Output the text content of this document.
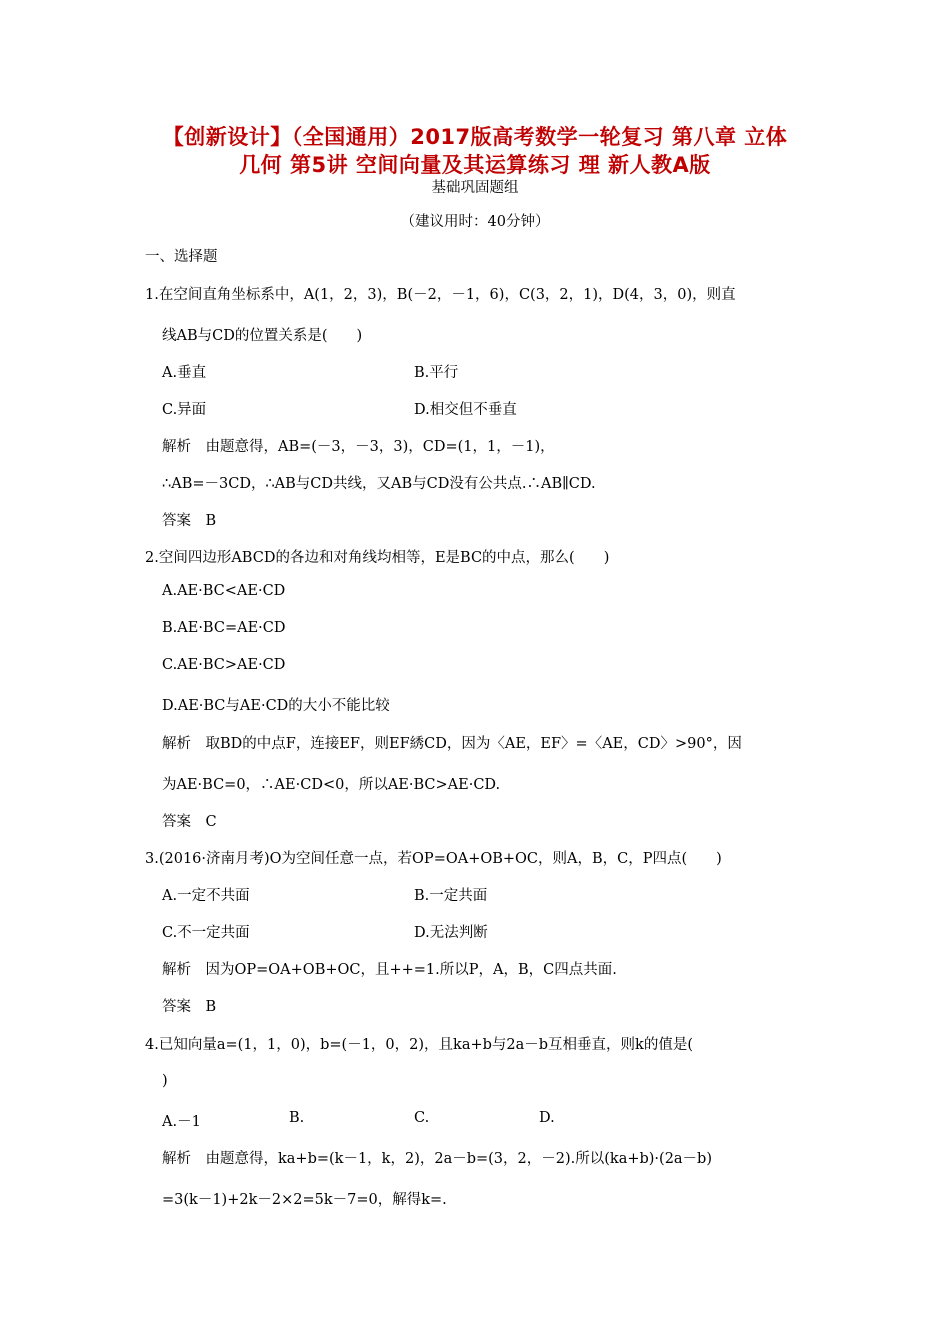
【创新设计】（全国通用）2017版高考数学一轮复习 第八章 立体
几何 第5讲 空间向量及其运算练习 理 新人教A版
基础巩固题组
（建议用时：40分钟）
一、选择题
1.在空间直角坐标系中，A(1，2，3)，B(－2，－1，6)，C(3，2，1)，D(4，3，0)，则直
线AB与CD的位置关系是(　　)
A.垂直	B.平行
C.异面	D.相交但不垂直
解析　由题意得，AB=(－3，－3，3)，CD=(1，1，－1)，
∴AB=－3CD，∴AB与CD共线，又AB与CD没有公共点.∴AB∥CD.
答案　B
2.空间四边形ABCD的各边和对角线均相等，E是BC的中点，那么(　　)
A.AE·BC<AE·CD
B.AE·BC=AE·CD
C.AE·BC>AE·CD
D.AE·BC与AE·CD的大小不能比较
解析　取BD的中点F，连接EF，则EF綉CD，因为〈AE，EF〉=〈AE，CD〉>90°，因
为AE·BC=0，∴AE·CD<0，所以AE·BC>AE·CD.
答案　C
3.(2016·济南月考)O为空间任意一点，若OP=OA+OB+OC，则A，B，C，P四点(　　)
A.一定不共面	B.一定共面
C.不一定共面	D.无法判断
解析　因为OP=OA+OB+OC，且++=1.所以P，A，B，C四点共面.
答案　B
4.已知向量a=(1，1，0)，b=(－1，0，2)，且ka+b与2a－b互相垂直，则k的值是(
)
A.－1	B.	C.	D.
解析　由题意得，ka+b=(k－1，k，2)，2a－b=(3，2，－2).所以(ka+b)·(2a－b)
=3(k－1)+2k－2×2=5k－7=0，解得k=.
